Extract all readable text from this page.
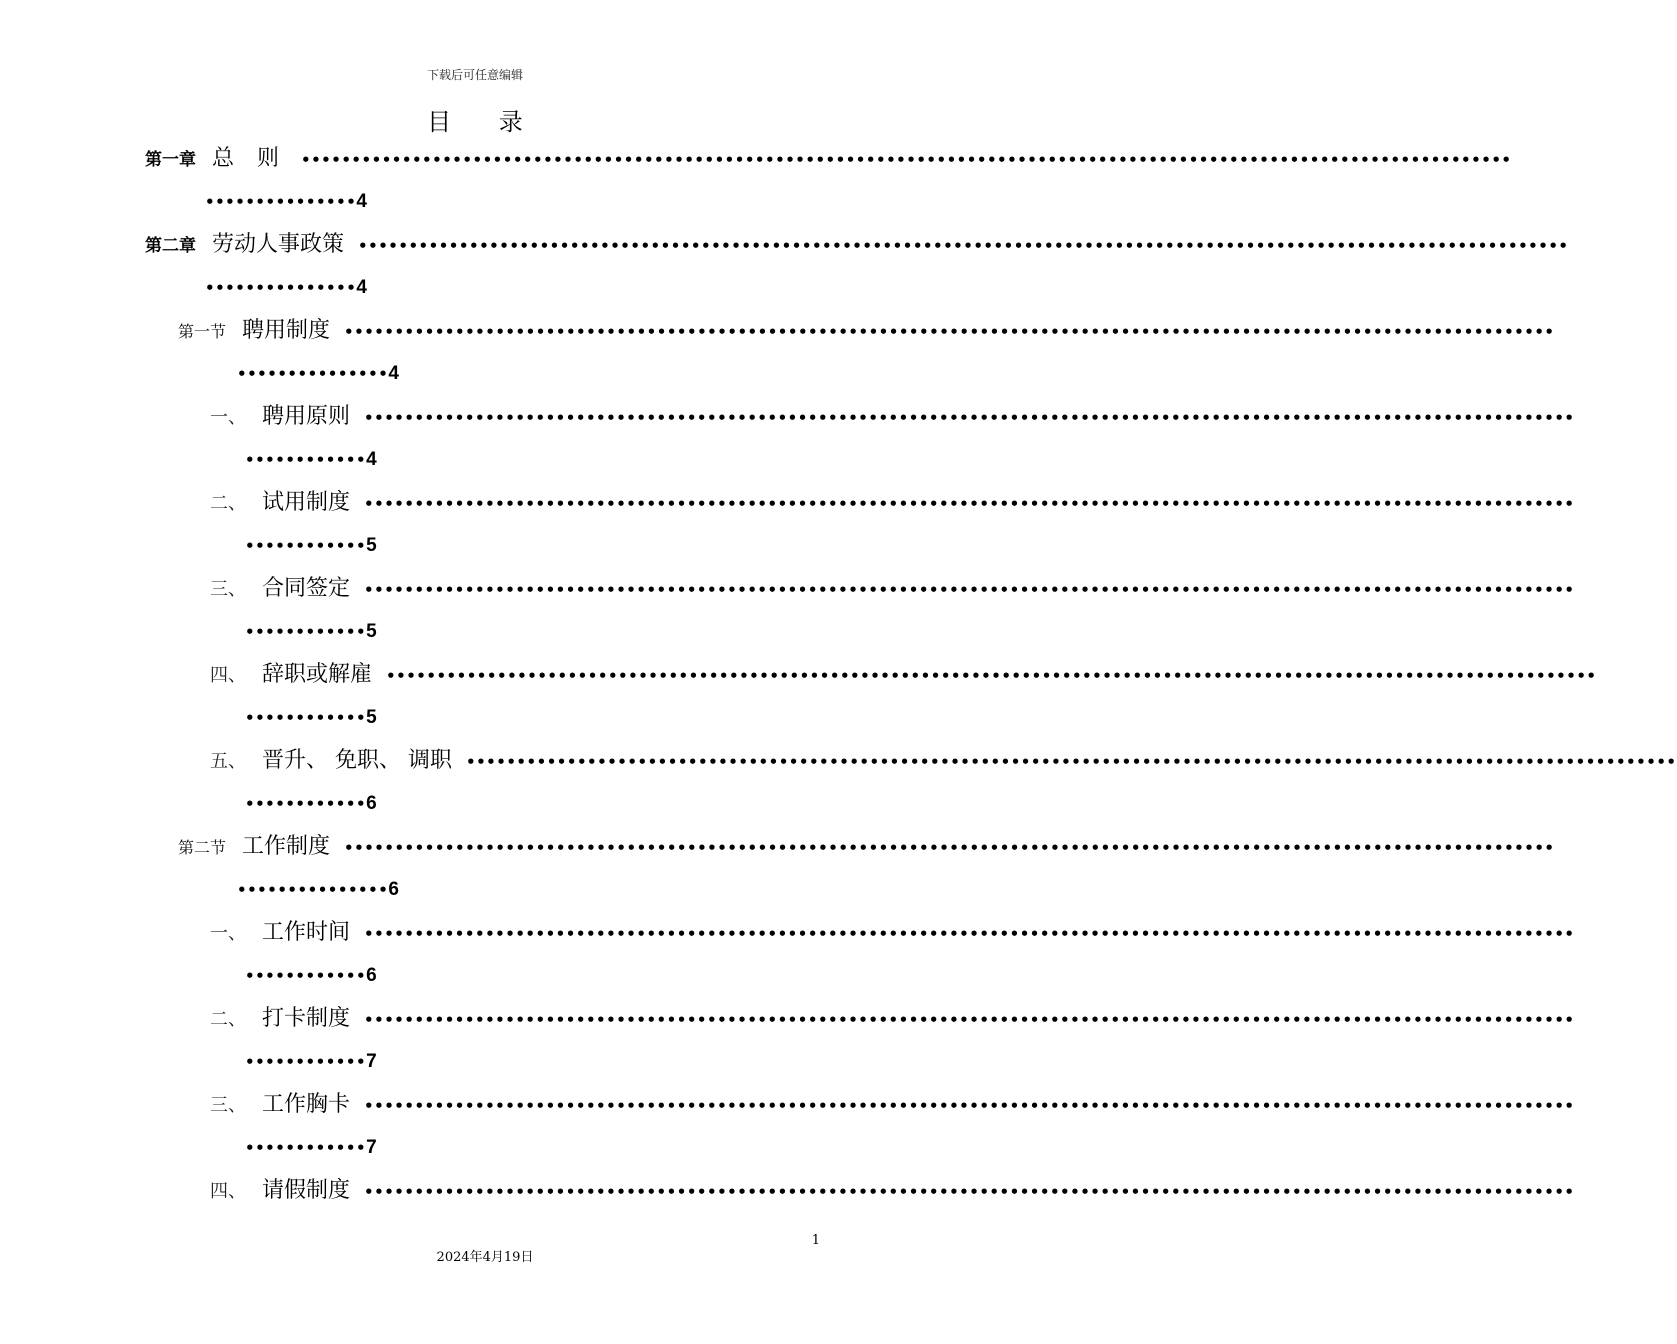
下载后可任意编辑
目 录
第一章 总 则 ••••••••••••••••••••••••••••••••••••••••••••••••••••••••••••••••••••••••••••••••••••••••••••••••••••••••••••••••••••••••
•••••••••••••••4
第二章 劳动人事政策 ••••••••••••••••••••••••••••••••••••••••••••••••••••••••••••••••••••••••••••••••••••••••••••••••••••••••••••••••••••••••
•••••••••••••••4
第一节 聘用制度 ••••••••••••••••••••••••••••••••••••••••••••••••••••••••••••••••••••••••••••••••••••••••••••••••••••••••••••••••••••••••
•••••••••••••••4
一、 聘用原则 ••••••••••••••••••••••••••••••••••••••••••••••••••••••••••••••••••••••••••••••••••••••••••••••••••••••••••••••••••••••••
••••••••••••4
二、 试用制度 ••••••••••••••••••••••••••••••••••••••••••••••••••••••••••••••••••••••••••••••••••••••••••••••••••••••••••••••••••••••••
••••••••••••5
三、 合同签定 ••••••••••••••••••••••••••••••••••••••••••••••••••••••••••••••••••••••••••••••••••••••••••••••••••••••••••••••••••••••••
••••••••••••5
四、 辞职或解雇 ••••••••••••••••••••••••••••••••••••••••••••••••••••••••••••••••••••••••••••••••••••••••••••••••••••••••••••••••••••••••
••••••••••••5
五、 晋升、 免职、 调职 ••••••••••••••••••••••••••••••••••••••••••••••••••••••••••••••••••••••••••••••••••••••••••••••••••••••••••••••••••••••••
••••••••••••6
第二节 工作制度 ••••••••••••••••••••••••••••••••••••••••••••••••••••••••••••••••••••••••••••••••••••••••••••••••••••••••••••••••••••••••
•••••••••••••••6
一、 工作时间 ••••••••••••••••••••••••••••••••••••••••••••••••••••••••••••••••••••••••••••••••••••••••••••••••••••••••••••••••••••••••
••••••••••••6
二、 打卡制度 ••••••••••••••••••••••••••••••••••••••••••••••••••••••••••••••••••••••••••••••••••••••••••••••••••••••••••••••••••••••••
••••••••••••7
三、 工作胸卡 ••••••••••••••••••••••••••••••••••••••••••••••••••••••••••••••••••••••••••••••••••••••••••••••••••••••••••••••••••••••••
••••••••••••7
四、 请假制度 ••••••••••••••••••••••••••••••••••••••••••••••••••••••••••••••••••••••••••••••••••••••••••••••••••••••••••••••••••••••••
1
2024年4月19日
